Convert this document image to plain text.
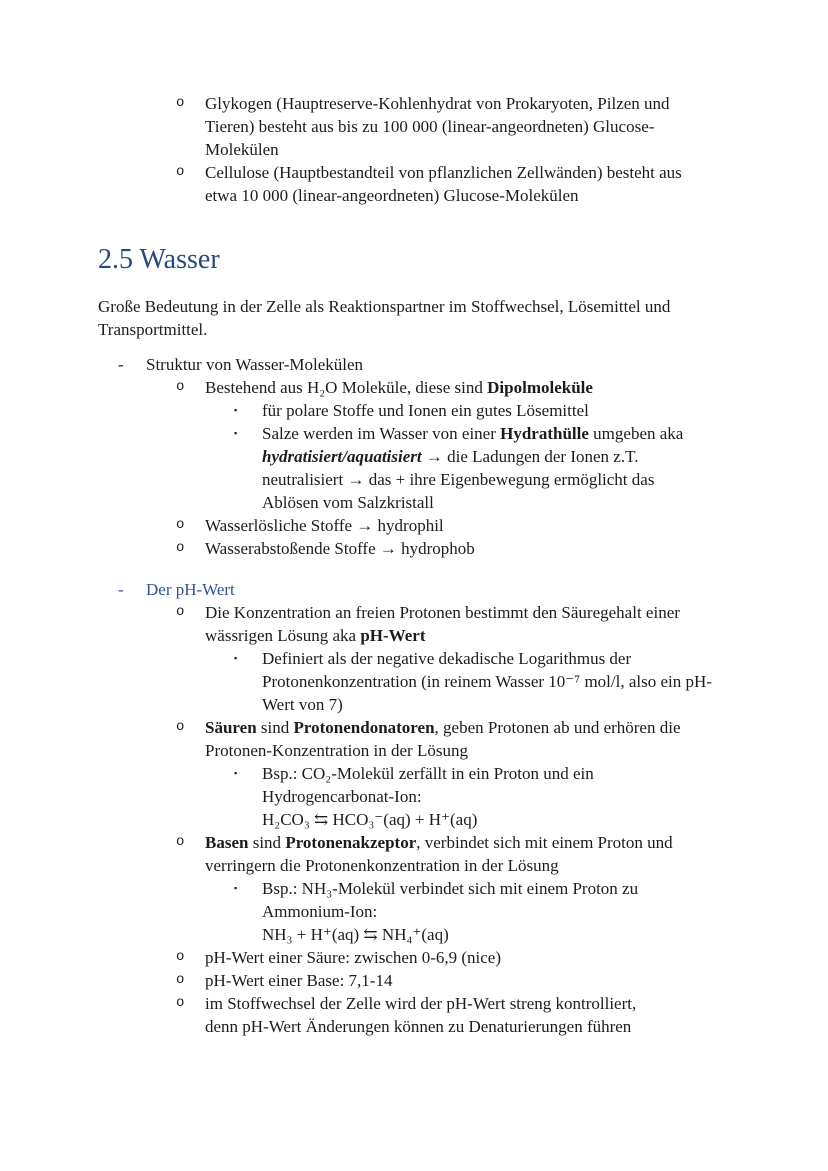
o Glykogen (Hauptreserve-Kohlenhydrat von Prokaryoten, Pilzen und
Tieren) besteht aus bis zu 100 000 (linear-angeordneten) Glucose-
Molekülen
o Cellulose (Hauptbestandteil von pflanzlichen Zellwänden) besteht aus
etwa 10 000 (linear-angeordneten) Glucose-Molekülen
2.5 Wasser
Große Bedeutung in der Zelle als Reaktionspartner im Stoffwechsel, Lösemittel und
Transportmittel.
- Struktur von Wasser-Molekülen
o Bestehend aus H₂O Moleküle, diese sind Dipolmoleküle
▪ für polare Stoffe und Ionen ein gutes Lösemittel
▪ Salze werden im Wasser von einer Hydrathülle umgeben aka
hydratisiert/aquatisiert → die Ladungen der Ionen z.T.
neutralisiert → das + ihre Eigenbewegung ermöglicht das
Ablösen vom Salzkristall
o Wasserlösliche Stoffe → hydrophil
o Wasserabstoßende Stoffe → hydrophob
- Der pH-Wert
o Die Konzentration an freien Protonen bestimmt den Säuregehalt einer
wässrigen Lösung aka pH-Wert
▪ Definiert als der negative dekadische Logarithmus der
Protonenkonzentration (in reinem Wasser 10⁻⁷ mol/l, also ein pH-
Wert von 7)
o Säuren sind Protonendonatoren, geben Protonen ab und erhören die
Protonen-Konzentration in der Lösung
▪ Bsp.: CO₂-Molekül zerfällt in ein Proton und ein
Hydrogencarbonat-Ion:
H₂CO₃ ⇆ HCO₃⁻(aq) + H⁺(aq)
o Basen sind Protonenakzeptor, verbindet sich mit einem Proton und
verringern die Protonenkonzentration in der Lösung
▪ Bsp.: NH₃-Molekül verbindet sich mit einem Proton zu
Ammonium-Ion:
NH₃ + H⁺(aq) ⇆ NH₄⁺(aq)
o pH-Wert einer Säure: zwischen 0-6,9 (nice)
o pH-Wert einer Base: 7,1-14
o im Stoffwechsel der Zelle wird der pH-Wert streng kontrolliert,
denn pH-Wert Änderungen können zu Denaturierungen führen
